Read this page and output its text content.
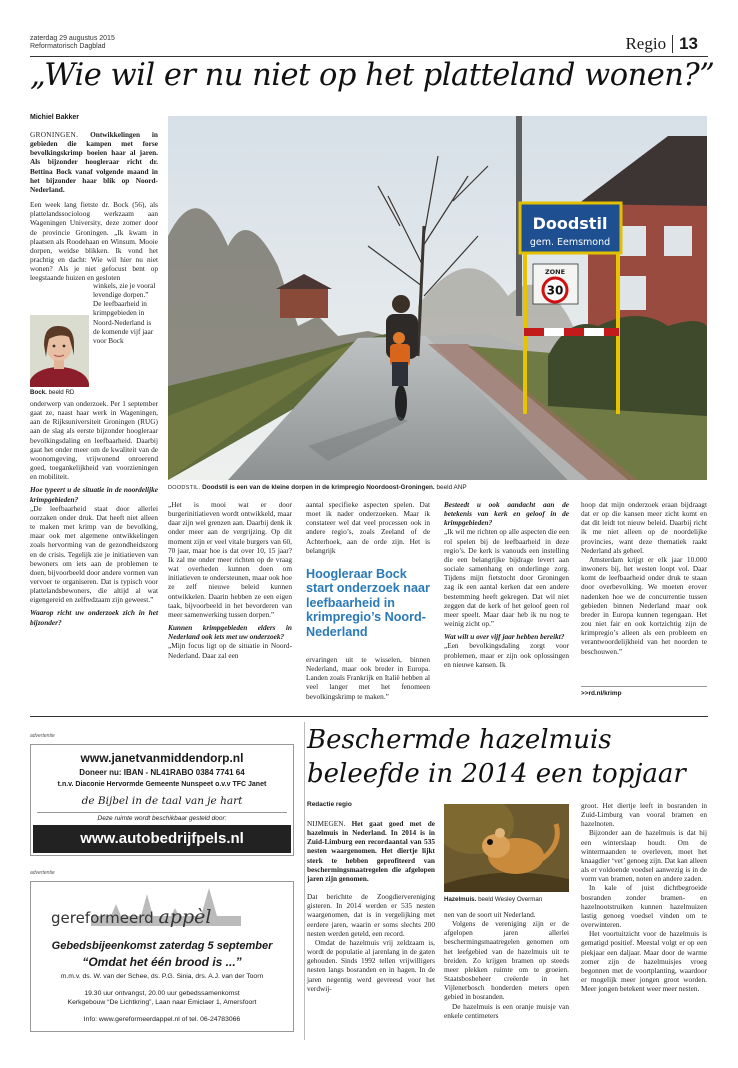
zaterdag 29 augustus 2015
Reformatorisch Dagblad	Regio 13
„Wie wil er nu niet op het platteland wonen?”
Michiel Bakker

GRONINGEN. Ontwikkelingen in gebieden die kampen met forse bevolkingskrimp boeien haar al jaren. Als bijzonder hoogleraar richt dr. Bettina Bock vanaf volgende maand in het bijzonder haar blik op Noord-Nederland.

Een week lang fietste dr. Bock (56), als plattelandssocioloog werkzaam aan Wageningen University, deze zomer door de provincie Groningen. „Ik kwam in plaatsen als Roodehaan en Winsum. Mooie dorpen, weidse blikken. Ik vond het prachtig en dacht: Wie wil hier nu niet wonen? Als je niet gefocust bent op leegstaande huizen en gesloten

Bock. beeld RD
winkels, zie je vooral levendige dorpen.” De leefbaarheid in krimpgebieden in Noord-Nederland is de komende vijf jaar voor Bock

onderwerp van onderzoek. Per 1 september gaat ze, naast haar werk in Wageningen, aan de Rijksuniversiteit Groningen (RUG) aan de slag als eerste bijzonder hoogleraar bevolkingsdaling en leefbaarheid. Daarbij gaat het onder meer om de kwaliteit van de woonomgeving, vrijwonend onroerend goed, toegankelijkheid van voorzieningen en mobiliteit.

Hoe typeert u de situatie in de noordelijke krimpgebieden?

„De leefbaarheid staat door allerlei oorzaken onder druk. Dat heeft niet alleen te maken met krimp van de bevolking, maar ook met algemene ontwikkelingen zoals hervorming van de gezondheidszorg en de crisis. Tegelijk zie je initiatieven van bewoners om iets aan de problemen te doen, bijvoorbeeld door andere vormen van vervoer te organiseren. Dat is typisch voor plattelandsbewoners, die altijd al wat eigengereid en zelfredzaam zijn geweest.”

Waarop richt uw onderzoek zich in het bijzonder?

Doodstil
gem. Eemsmond
ZONE
30
DOODSTIL. Doodstil is een van de kleine dorpen in de krimpregio Noordoost-Groningen. beeld ANP

„Het is mooi wat er door burgerinitiatieven wordt ontwikkeld, maar daar zijn wel grenzen aan. Daarbij denk ik onder meer aan de vergrijzing. Op dit moment zijn er veel vitale burgers van 60, 70 jaar, maar hoe is dat over 10, 15 jaar? Ik zal me onder meer richten op de vraag wat overheden kunnen doen om initiatieven te ondersteunen, maar ook hoe ze zelf nieuwe beleid kunnen ontwikkelen. Daarin hebben ze een eigen taak, bijvoorbeeld in het bevorderen van meer samenwerking tussen dorpen.”

Kunnen krimpgebieden elders in Nederland ook iets met uw onderzoek?

„Mijn focus ligt op de situatie in Noord-Nederland. Daar zal een

aantal specifieke aspecten spelen. Dat moet ik nader onderzoeken. Maar ik constateer wel dat veel processen ook in andere regio’s, zoals Zeeland of de Achterhoek, aan de orde zijn. Het is belangrijk

Hoogleraar Bock start onderzoek naar leefbaarheid in krimpregio’s Noord-Nederland

ervaringen uit te wisselen, binnen Nederland, maar ook breder in Europa. Landen zoals Frankrijk en Italië hebben al veel langer met het fenomeen bevolkingskrimp te maken.”

Besteedt u ook aandacht aan de betekenis van kerk en geloof in de krimpgebieden?

„Ik wil me richten op alle aspecten die een rol spelen bij de leefbaarheid in deze regio’s. De kerk is vanouds een instelling die een belangrijke bijdrage levert aan sociale samenhang en onderlinge zorg. Tijdens mijn fietstocht door Groningen zag ik een aantal kerken dat een andere bestemming heeft gekregen. Dat wil niet zeggen dat de kerk of het geloof geen rol meer speelt. Maar daar heb ik nu nog te weinig zicht op.”

Wat wilt u over vijf jaar hebben bereikt?

„Een bevolkingsdaling zorgt voor problemen, maar er zijn ook oplossingen en nieuwe kansen. Ik

hoop dat mijn onderzoek eraan bijdraagt dat er op die kansen meer zicht komt en dat dit leidt tot nieuw beleid. Daarbij richt ik me niet alleen op de noordelijke provincies, want deze thematiek raakt Nederland als geheel.

Amsterdam krijgt er elk jaar 10.000 inwoners bij, het westen loopt vol. Daar komt de leefbaarheid onder druk te staan door overbevolking. We moeten erover nadenken hoe we de concurrentie tussen gebieden binnen Nederland maar ook breder in Europa kunnen tegengaan. Het zou niet fair en ook kortzichtig zijn de krimpregio’s alleen als een probleem en verantwoordelijkheid van het noorden te beschouwen.”

>>rd.nl/krimp
advertentie
www.janetvanmiddendorp.nl
Doneer nu: IBAN - NL41RABO 0384 7741 64
t.n.v. Diaconie Hervormde Gemeente Nunspeet o.v.v TFC Janet
de Bijbel in de taal van je hart
Deze ruimte wordt beschikbaar gesteld door:
www.autobedrijfpels.nl
advertentie
gereformeerd appèl
Gebedsbijeenkomst zaterdag 5 september
“Omdat het één brood is ...”
m.m.v. ds. W. van der Schee, ds. P.G. Sinia, drs. A.J. van der Toorn
19.30 uur ontvangst, 20.00 uur gebedssamenkomst
Kerkgebouw “De Lichtkring”, Laan naar Emiclaer 1, Amersfoort
Info: www.gereformeerdappel.nl of tel. 06-24783066
Beschermde hazelmuis
beleefde in 2014 een topjaar
Redactie regio

NIJMEGEN. Het gaat goed met de hazelmuis in Nederland. In 2014 is in Zuid-Limburg een recordaantal van 535 nesten waargenomen. Het diertje lijkt sterk te hebben geprofiteerd van beschermingsmaatregelen die afgelopen jaren zijn genomen.

Dat berichtte de Zoogdiervereniging gisteren. In 2014 werden er 535 nesten waargenomen, dat is in vergelijking met eerdere jaren, waarin er soms slechts 200 nesten werden geteld, een record.

Omdat de hazelmuis vrij zeldzaam is, wordt de populatie al jarenlang in de gaten gehouden. Sinds 1992 tellen vrijwilligers nesten langs bosranden en in hagen. In de jaren negentig werd gevreesd voor het verdwij-

Hazelmuis. beeld Wesley Overman

nen van de soort uit Nederland.

Volgens de vereniging zijn er de afgelopen jaren allerlei beschermingsmaatregelen genomen om het leefgebied van de hazelmuis uit te breiden. Zo krijgen bramen op steeds meer plekken ruimte om te groeien. Staatsbosbeheer creëerde in het Vijlenerbosch honderden meters open gebied in bosranden.

De hazelmuis is een oranje muisje van enkele centimeters

groot. Het diertje leeft in bosranden in Zuid-Limburg van vooral bramen en hazelnoten.

Bijzonder aan de hazelmuis is dat hij een winterslaap houdt. Om de wintermaanden te overleven, moet het knaagdier ‘vet’ genoeg zijn. Dat kan alleen als er voldoende voedsel aanwezig is in de vorm van bramen, noten en andere zaden.

In kale of juist dichtbegroeide bosranden zonder bramen- en hazelnootstruiken kunnen hazelmuizen lastig genoeg voedsel vinden om te overwinteren.

Het voortuitzicht voor de hazelmuis is gematigd positief. Meestal volgt er op een piekjaar een daljaar. Maar door de warme zomer zijn de hazelmuisjes vroeg begonnen met de voortplanting, waardoor er mogelijk meer jongen groot worden. Meer jongen betekent weer meer nesten.
